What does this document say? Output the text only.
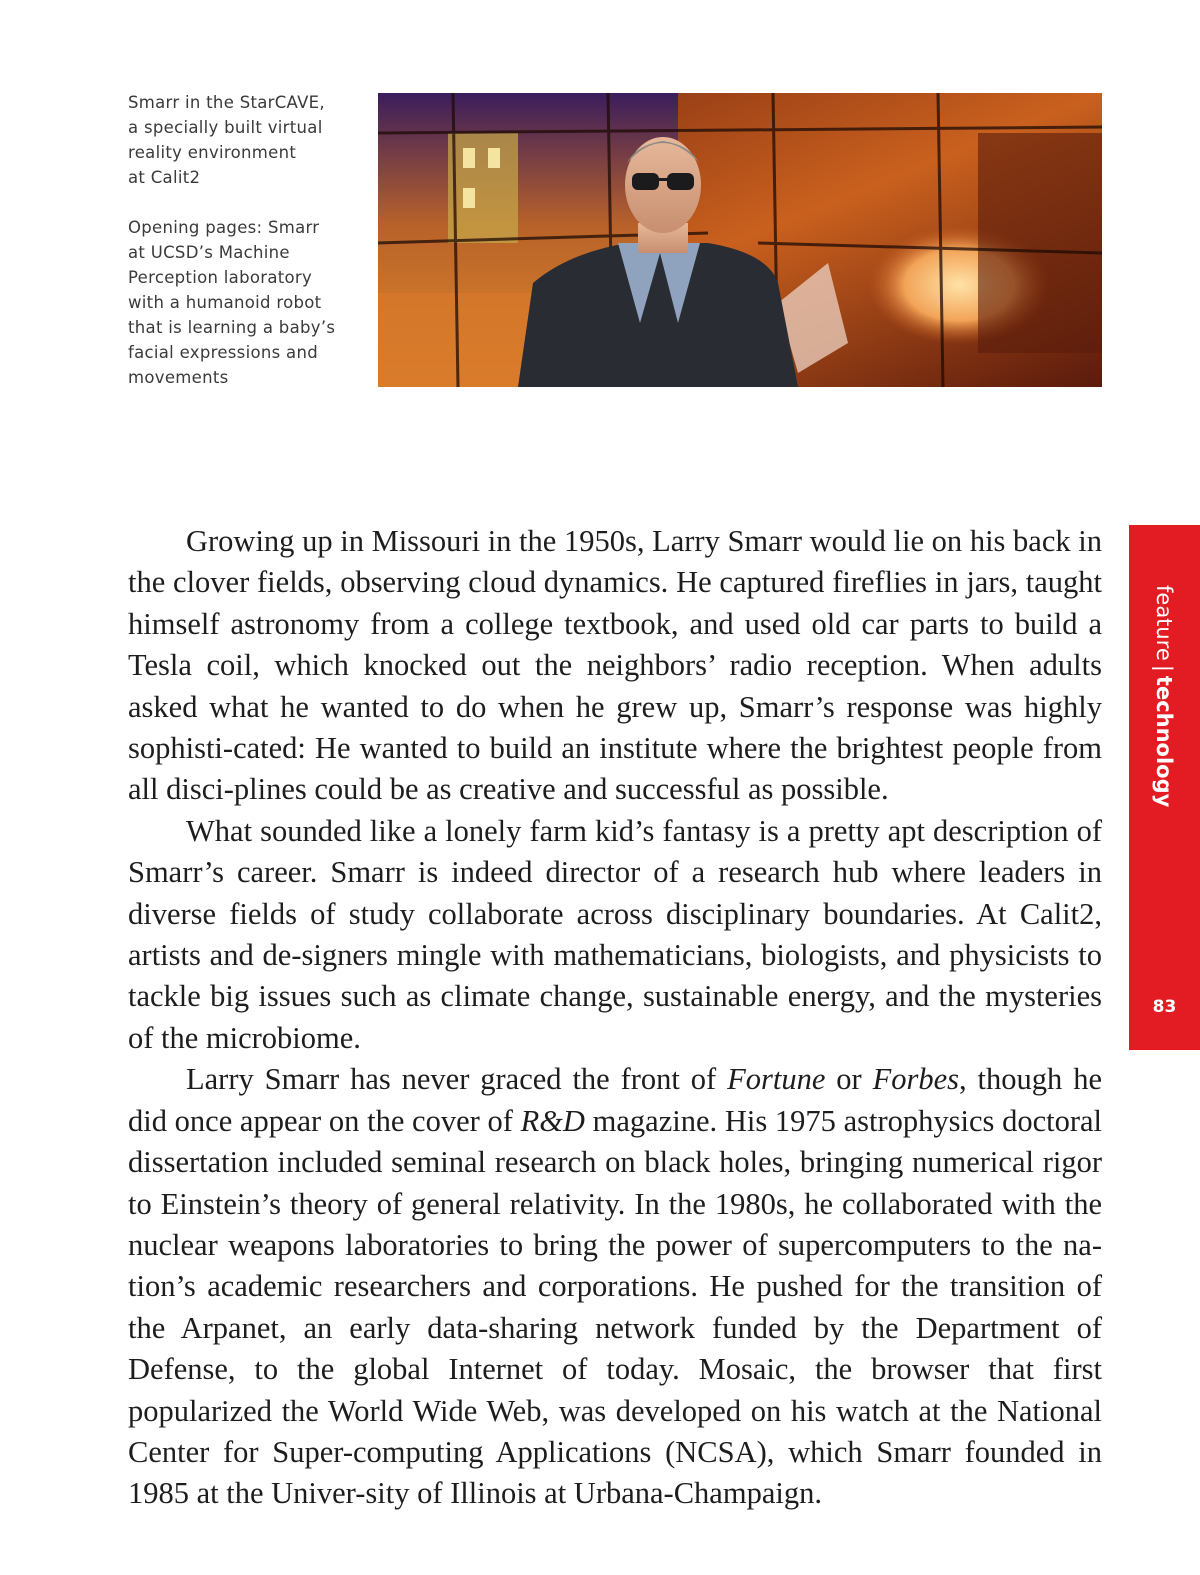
Smarr in the StarCAVE,
a specially built virtual
reality environment
at Calit2

Opening pages: Smarr
at UCSD’s Machine
Perception laboratory
with a humanoid robot
that is learning a baby’s
facial expressions and
movements

Growing up in Missouri in the 1950s, Larry Smarr would lie on his back in the clover fields, observing cloud dynamics. He captured fireflies in jars, taught himself astronomy from a college textbook, and used old car parts to build a Tesla coil, which knocked out the neighbors’ radio reception. When adults asked what he wanted to do when he grew up, Smarr’s response was highly sophisti-cated: He wanted to build an institute where the brightest people from all disci-plines could be as creative and successful as possible.

What sounded like a lonely farm kid’s fantasy is a pretty apt description of Smarr’s career. Smarr is indeed director of a research hub where leaders in diverse fields of study collaborate across disciplinary boundaries. At Calit2, artists and de-signers mingle with mathematicians, biologists, and physicists to tackle big issues such as climate change, sustainable energy, and the mysteries of the microbiome.

Larry Smarr has never graced the front of Fortune or Forbes, though he did once appear on the cover of R&D magazine. His 1975 astrophysics doctoral dissertation included seminal research on black holes, bringing numerical rigor to Einstein’s theory of general relativity. In the 1980s, he collaborated with the nuclear weapons laboratories to bring the power of supercomputers to the na-tion’s academic researchers and corporations. He pushed for the transition of the Arpanet, an early data-sharing network funded by the Department of Defense, to the global Internet of today. Mosaic, the browser that first popularized the World Wide Web, was developed on his watch at the National Center for Super-computing Applications (NCSA), which Smarr founded in 1985 at the Univer-sity of Illinois at Urbana-Champaign.

feature|technology
83
